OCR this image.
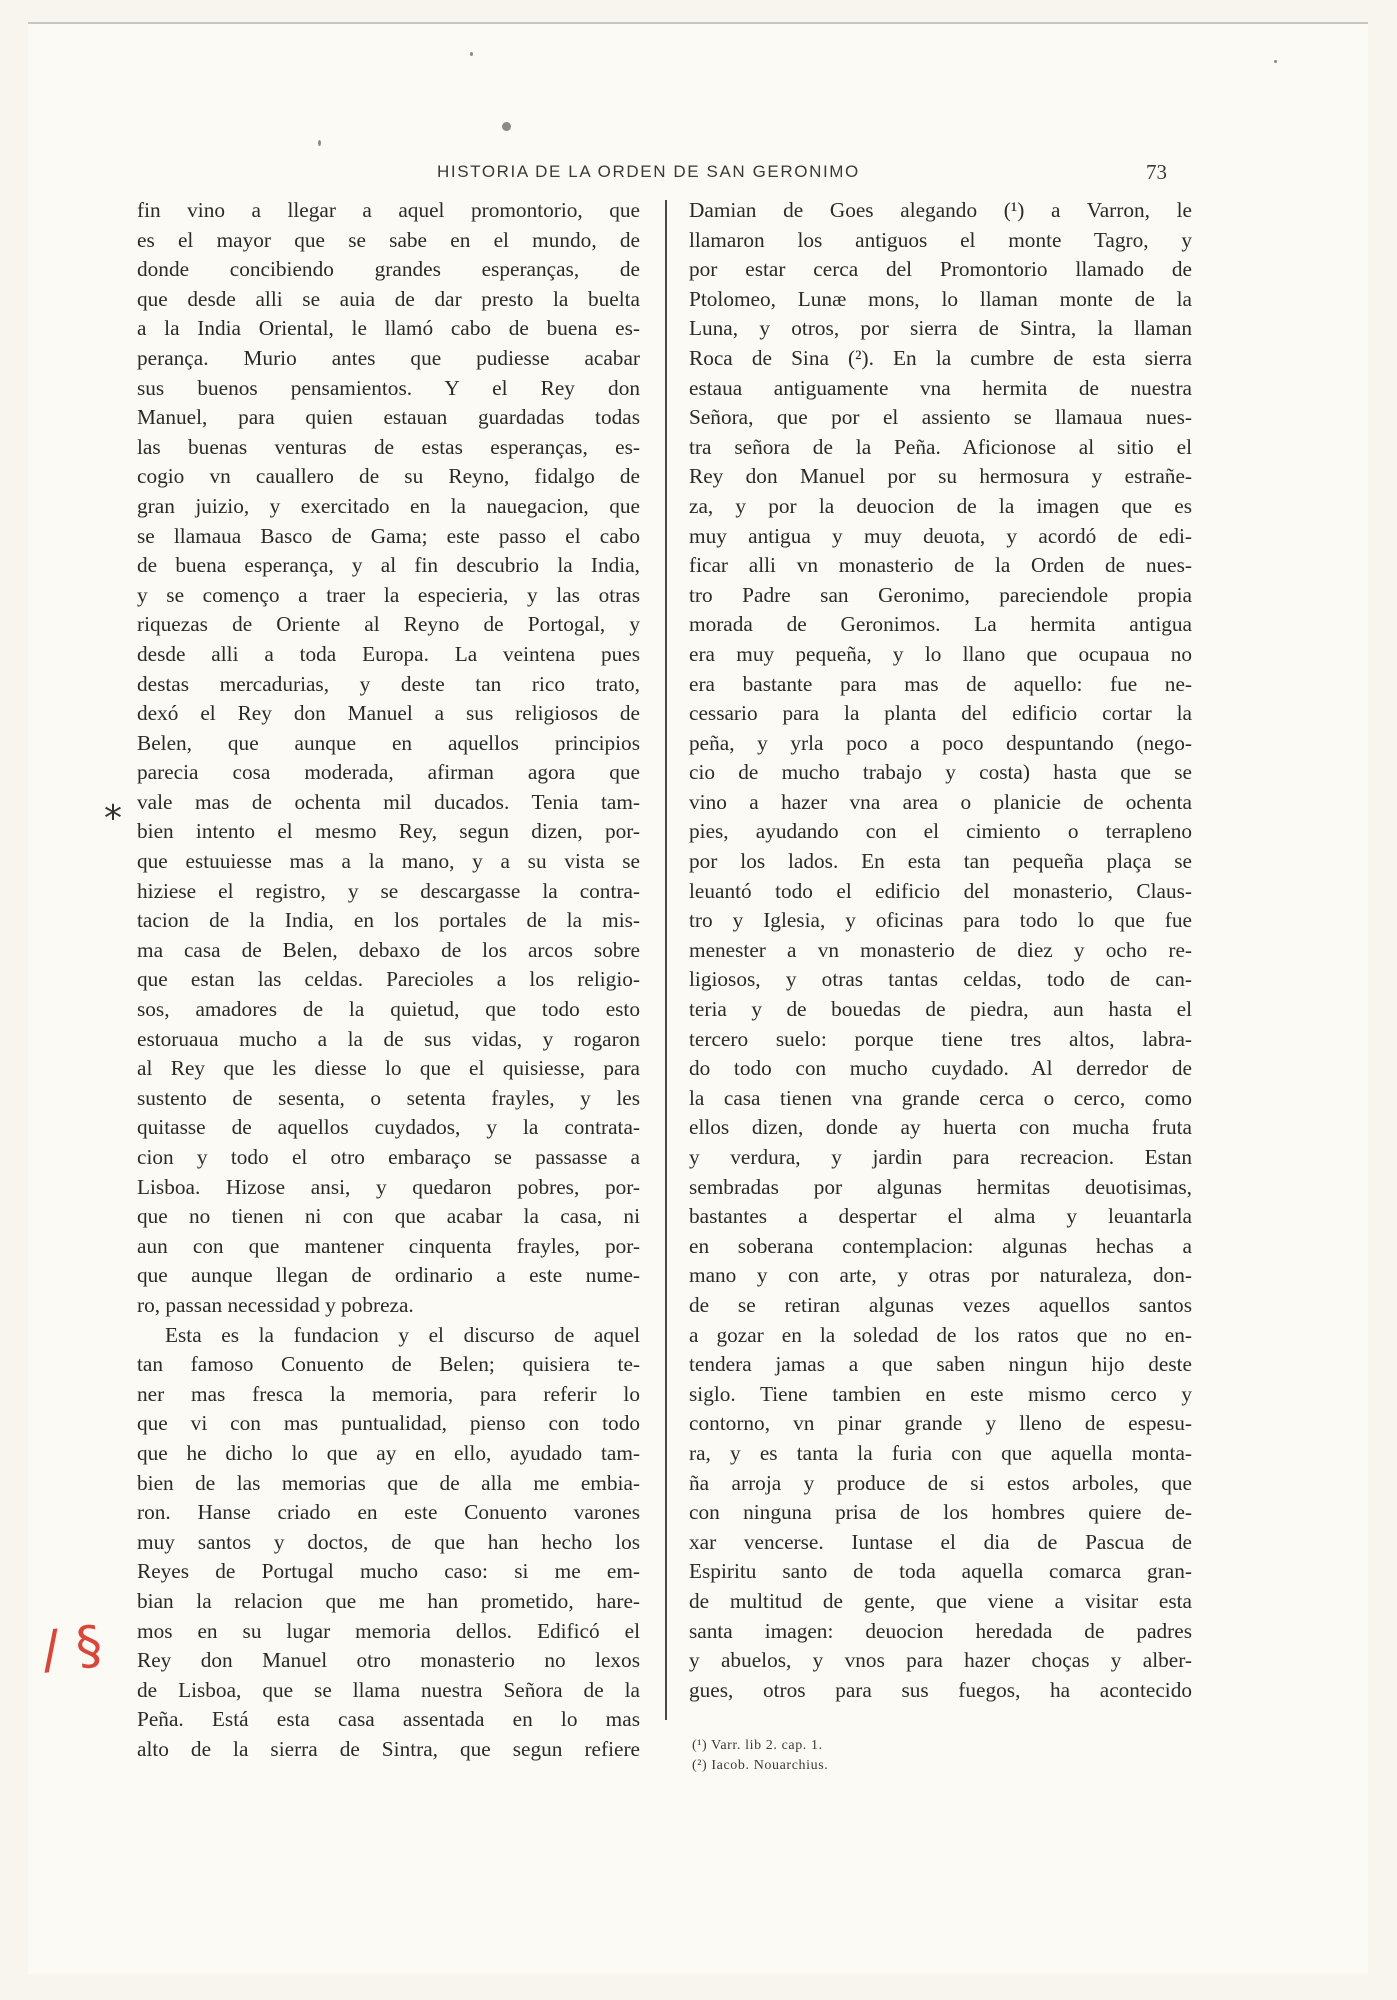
HISTORIA DE LA ORDEN DE SAN GERONIMO	73
fin vino a llegar a aquel promontorio, que
es el mayor que se sabe en el mundo, de
donde concibiendo grandes esperanças, de
que desde alli se auia de dar presto la buelta
a la India Oriental, le llamó cabo de buena es-
perança. Murio antes que pudiesse acabar
sus buenos pensamientos. Y el Rey don
Manuel, para quien estauan guardadas todas
las buenas venturas de estas esperanças, es-
cogio vn cauallero de su Reyno, fidalgo de
gran juizio, y exercitado en la nauegacion, que
se llamaua Basco de Gama; este passo el cabo
de buena esperança, y al fin descubrio la India,
y se començo a traer la especieria, y las otras
riquezas de Oriente al Reyno de Portogal, y
desde alli a toda Europa. La veintena pues
destas mercadurias, y deste tan rico trato,
dexó el Rey don Manuel a sus religiosos de
Belen, que aunque en aquellos principios
parecia cosa moderada, afirman agora que
vale mas de ochenta mil ducados. Tenia tam-
bien intento el mesmo Rey, segun dizen, por-
que estuuiesse mas a la mano, y a su vista se
hiziese el registro, y se descargasse la contra-
tacion de la India, en los portales de la mis-
ma casa de Belen, debaxo de los arcos sobre
que estan las celdas. Parecioles a los religio-
sos, amadores de la quietud, que todo esto
estoruaua mucho a la de sus vidas, y rogaron
al Rey que les diesse lo que el quisiesse, para
sustento de sesenta, o setenta frayles, y les
quitasse de aquellos cuydados, y la contrata-
cion y todo el otro embaraço se passasse a
Lisboa. Hizose ansi, y quedaron pobres, por-
que no tienen ni con que acabar la casa, ni
aun con que mantener cinquenta frayles, por-
que aunque llegan de ordinario a este nume-
ro, passan necessidad y pobreza.
Esta es la fundacion y el discurso de aquel
tan famoso Conuento de Belen; quisiera te-
ner mas fresca la memoria, para referir lo
que vi con mas puntualidad, pienso con todo
que he dicho lo que ay en ello, ayudado tam-
bien de las memorias que de alla me embia-
ron. Hanse criado en este Conuento varones
muy santos y doctos, de que han hecho los
Reyes de Portugal mucho caso: si me em-
bian la relacion que me han prometido, hare-
mos en su lugar memoria dellos. Edificó el
Rey don Manuel otro monasterio no lexos
de Lisboa, que se llama nuestra Señora de la
Peña. Está esta casa assentada en lo mas
alto de la sierra de Sintra, que segun refiere
Damian de Goes alegando (¹) a Varron, le
llamaron los antiguos el monte Tagro, y
por estar cerca del Promontorio llamado de
Ptolomeo, Lunæ mons, lo llaman monte de la
Luna, y otros, por sierra de Sintra, la llaman
Roca de Sina (²). En la cumbre de esta sierra
estaua antiguamente vna hermita de nuestra
Señora, que por el assiento se llamaua nues-
tra señora de la Peña. Aficionose al sitio el
Rey don Manuel por su hermosura y estrañe-
za, y por la deuocion de la imagen que es
muy antigua y muy deuota, y acordó de edi-
ficar alli vn monasterio de la Orden de nues-
tro Padre san Geronimo, pareciendole propia
morada de Geronimos. La hermita antigua
era muy pequeña, y lo llano que ocupaua no
era bastante para mas de aquello: fue ne-
cessario para la planta del edificio cortar la
peña, y yrla poco a poco despuntando (nego-
cio de mucho trabajo y costa) hasta que se
vino a hazer vna area o planicie de ochenta
pies, ayudando con el cimiento o terrapleno
por los lados. En esta tan pequeña plaça se
leuantó todo el edificio del monasterio, Claus-
tro y Iglesia, y oficinas para todo lo que fue
menester a vn monasterio de diez y ocho re-
ligiosos, y otras tantas celdas, todo de can-
teria y de bouedas de piedra, aun hasta el
tercero suelo: porque tiene tres altos, labra-
do todo con mucho cuydado. Al derredor de
la casa tienen vna grande cerca o cerco, como
ellos dizen, donde ay huerta con mucha fruta
y verdura, y jardin para recreacion. Estan
sembradas por algunas hermitas deuotisimas,
bastantes a despertar el alma y leuantarla
en soberana contemplacion: algunas hechas a
mano y con arte, y otras por naturaleza, don-
de se retiran algunas vezes aquellos santos
a gozar en la soledad de los ratos que no en-
tendera jamas a que saben ningun hijo deste
siglo. Tiene tambien en este mismo cerco y
contorno, vn pinar grande y lleno de espesu-
ra, y es tanta la furia con que aquella monta-
ña arroja y produce de si estos arboles, que
con ninguna prisa de los hombres quiere de-
xar vencerse. Iuntase el dia de Pascua de
Espiritu santo de toda aquella comarca gran-
de multitud de gente, que viene a visitar esta
santa imagen: deuocion heredada de padres
y abuelos, y vnos para hazer choças y alber-
gues, otros para sus fuegos, ha acontecido
(¹) Varr. lib 2. cap. 1.
(²) Iacob. Nouarchius.
*
/ §
